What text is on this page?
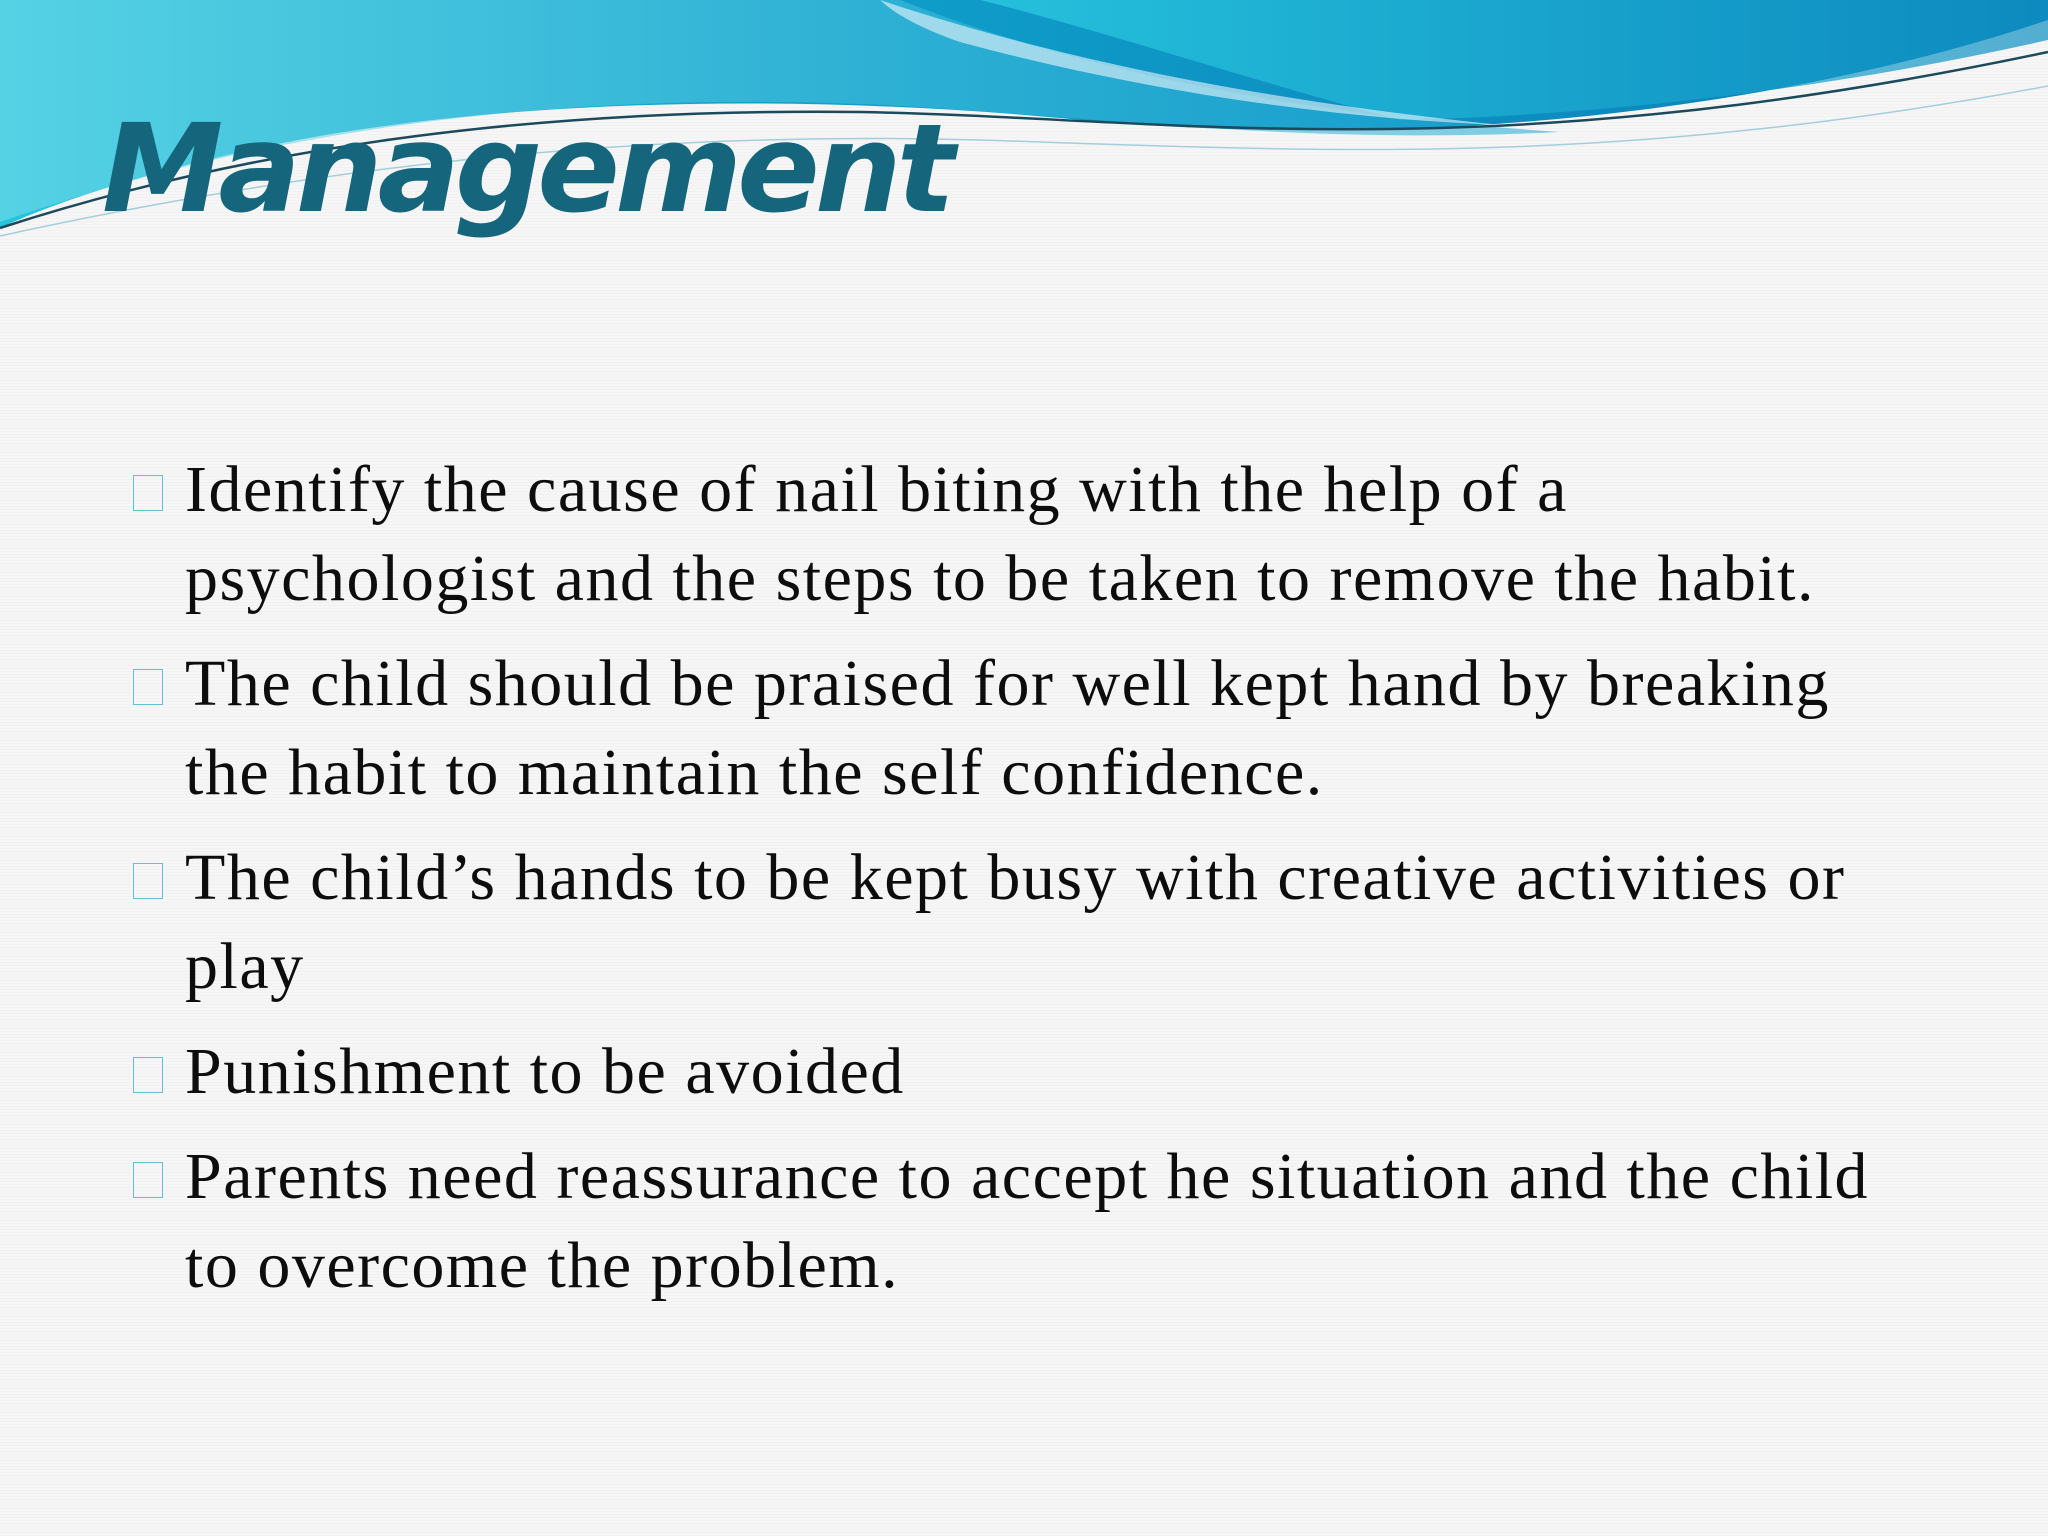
Management
Identify the cause of nail biting with the help of a psychologist and the steps to be taken to remove the habit.
The child should be praised for well kept hand by breaking the habit to maintain the self confidence.
The child’s hands to be kept busy with creative activities or play
Punishment to be avoided
Parents need reassurance to accept he situation and the child to overcome the problem.
